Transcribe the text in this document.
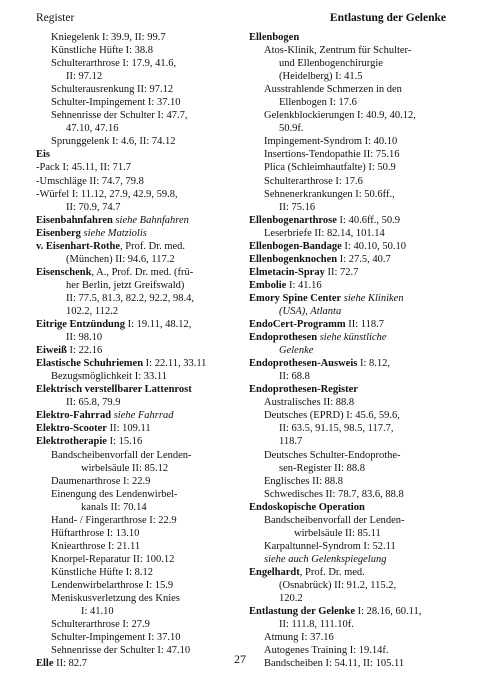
Register	Entlastung der Gelenke
Kniegelenk I: 39.9, II: 99.7
Künstliche Hüfte I: 38.8
Schulterarthrose I: 17.9, 41.6,
II: 97.12
Schulterausrenkung II: 97.12
Schulter-Impingement I: 37.10
Sehnenrisse der Schulter I: 47.7,
47.10, 47.16
Sprunggelenk I: 4.6, II: 74.12
Eis
-Pack I: 45.11, II: 71.7
-Umschläge II: 74.7, 79.8
-Würfel I: 11.12, 27.9, 42.9, 59.8,
II: 70.9, 74.7
Eisenbahnfahren siehe Bahnfahren
Eisenberg siehe Matziolis
v. Eisenhart-Rothe, Prof. Dr. med.
(München) II: 94.6, 117.2
Eisenschenk, A., Prof. Dr. med. (frü-
her Berlin, jetzt Greifswald)
II: 77.5, 81.3, 82.2, 92.2, 98.4,
102.2, 112.2
Eitrige Entzündung I: 19.11, 48.12,
II: 98.10
Eiweiß I: 22.16
Elastische Schuhriemen I: 22.11, 33.11
Bezugsmöglichkeit I: 33.11
Elektrisch verstellbarer Lattenrost
II: 65.8, 79.9
Elektro-Fahrrad siehe Fahrrad
Elektro-Scooter II: 109.11
Elektrotherapie I: 15.16
Bandscheibenvorfall der Lenden-
wirbelsäule II: 85.12
Daumenarthrose I: 22.9
Einengung des Lendenwirbel-
kanals II: 70.14
Hand- / Fingerarthrose I: 22.9
Hüftarthrose I: 13.10
Kniearthrose I: 21.11
Knorpel-Reparatur II: 100.12
Künstliche Hüfte I: 8.12
Lendenwirbelarthrose I: 15.9
Meniskusverletzung des Knies
I: 41.10
Schulterarthrose I: 27.9
Schulter-Impingement I: 37.10
Sehnenrisse der Schulter I: 47.10
Elle II: 82.7
Ellenbogen
Atos-Klinik, Zentrum für Schulter-
und Ellenbogenchirurgie
(Heidelberg) I: 41.5
Ausstrahlende Schmerzen in den
Ellenbogen I: 17.6
Gelenkblockierungen I: 40.9, 40.12,
50.9f.
Impingement-Syndrom I: 40.10
Insertions-Tendopathie II: 75.16
Plica (Schleimhautfalte) I: 50.9
Schulterarthrose I: 17.6
Sehnenerkrankungen I: 50.6ff.,
II: 75.16
Ellenbogenarthrose I: 40.6ff., 50.9
Leserbriefe II: 82.14, 101.14
Ellenbogen-Bandage I: 40.10, 50.10
Ellenbogenknochen I: 27.5, 40.7
Elmetacin-Spray II: 72.7
Embolie I: 41.16
Emory Spine Center siehe Kliniken
(USA), Atlanta
EndoCert-Programm II: 118.7
Endoprothesen siehe künstliche
Gelenke
Endoprothesen-Ausweis I: 8.12,
II: 68.8
Endoprothesen-Register
Australisches II: 88.8
Deutsches (EPRD) I: 45.6, 59.6,
II: 63.5, 91.15, 98.5, 117.7,
118.7
Deutsches Schulter-Endoprothe-
sen-Register II: 88.8
Englisches II: 88.8
Schwedisches II: 78.7, 83.6, 88.8
Endoskopische Operation
Bandscheibenvorfall der Lenden-
wirbelsäule II: 85.11
Karpaltunnel-Syndrom I: 52.11
siehe auch Gelenkspiegelung
Engelhardt, Prof. Dr. med.
(Osnabrück) II: 91.2, 115.2,
120.2
Entlastung der Gelenke I: 28.16, 60.11,
II: 111.8, 111.10f.
Atmung I: 37.16
Autogenes Training I: 19.14f.
Bandscheiben I: 54.11, II: 105.11
27
